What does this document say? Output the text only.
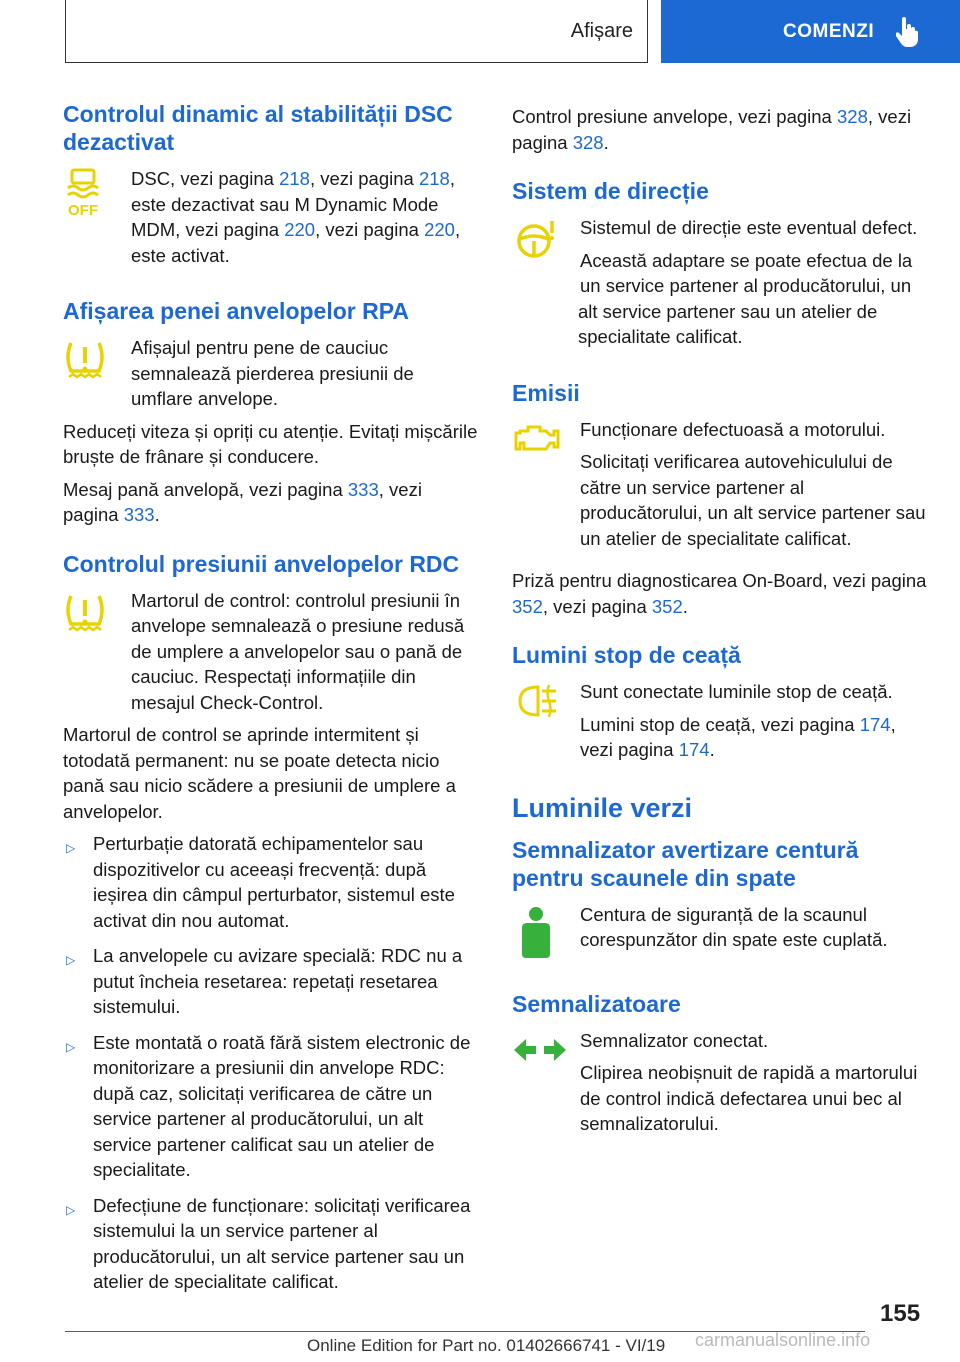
Afișare	COMENZI
Controlul dinamic al stabilității DSC dezactivat
OFF

DSC, vezi pagina 218, vezi pagina 218, este dezactivat sau M Dynamic Mode MDM, vezi pagina 220, vezi pagina 220, este activat.

Afișarea penei anvelopelor RPA

Afișajul pentru pene de cauciuc semnalează pierderea presiunii de umflare anvelope.

Reduceți viteza și opriți cu atenție. Evitați mișcările bruște de frânare și conducere.

Mesaj pană anvelopă, vezi pagina 333, vezi pagina 333.

Controlul presiunii anvelopelor RDC

Martorul de control: controlul presiunii în anvelope semnalează o presiune redusă de umplere a anvelopelor sau o pană de cauciuc. Respectați informațiile din mesajul Check-Control.

Martorul de control se aprinde intermitent și totodată permanent: nu se poate detecta nicio pană sau nicio scădere a presiunii de umplere a anvelopelor.

▷ Perturbație datorată echipamentelor sau dispozitivelor cu aceeași frecvență: după ieșirea din câmpul perturbator, sistemul este activat din nou automat.
▷ La anvelopele cu avizare specială: RDC nu a putut încheia resetarea: repetați resetarea sistemului.
▷ Este montată o roată fără sistem electronic de monitorizare a presiunii din anvelope RDC: după caz, solicitați verificarea de către un service partener al producătorului, un alt service partener calificat sau un atelier de specialitate.
▷ Defecțiune de funcționare: solicitați verificarea sistemului la un service partener al producătorului, un alt service partener sau un atelier de specialitate calificat.

Control presiune anvelope, vezi pagina 328, vezi pagina 328.

Sistem de direcție

Sistemul de direcție este eventual defect.

Această adaptare se poate efectua de la un service partener al producătorului, un alt service partener sau un atelier de specialitate calificat.

Emisii

Funcționare defectuoasă a motorului.

Solicitați verificarea autovehiculului de către un service partener al producătorului, un alt service partener sau un atelier de specialitate calificat.

Priză pentru diagnosticarea On-Board, vezi pagina 352, vezi pagina 352.

Lumini stop de ceață

Sunt conectate luminile stop de ceață.

Lumini stop de ceață, vezi pagina 174, vezi pagina 174.

Luminile verzi
Semnalizator avertizare centură pentru scaunele din spate

Centura de siguranță de la scaunul corespunzător din spate este cuplată.

Semnalizatoare

Semnalizator conectat.

Clipirea neobișnuit de rapidă a martorului de control indică defectarea unui bec al semnalizatorului.

155
Online Edition for Part no. 01402666741 - VI/19 carmanualsonline.info
